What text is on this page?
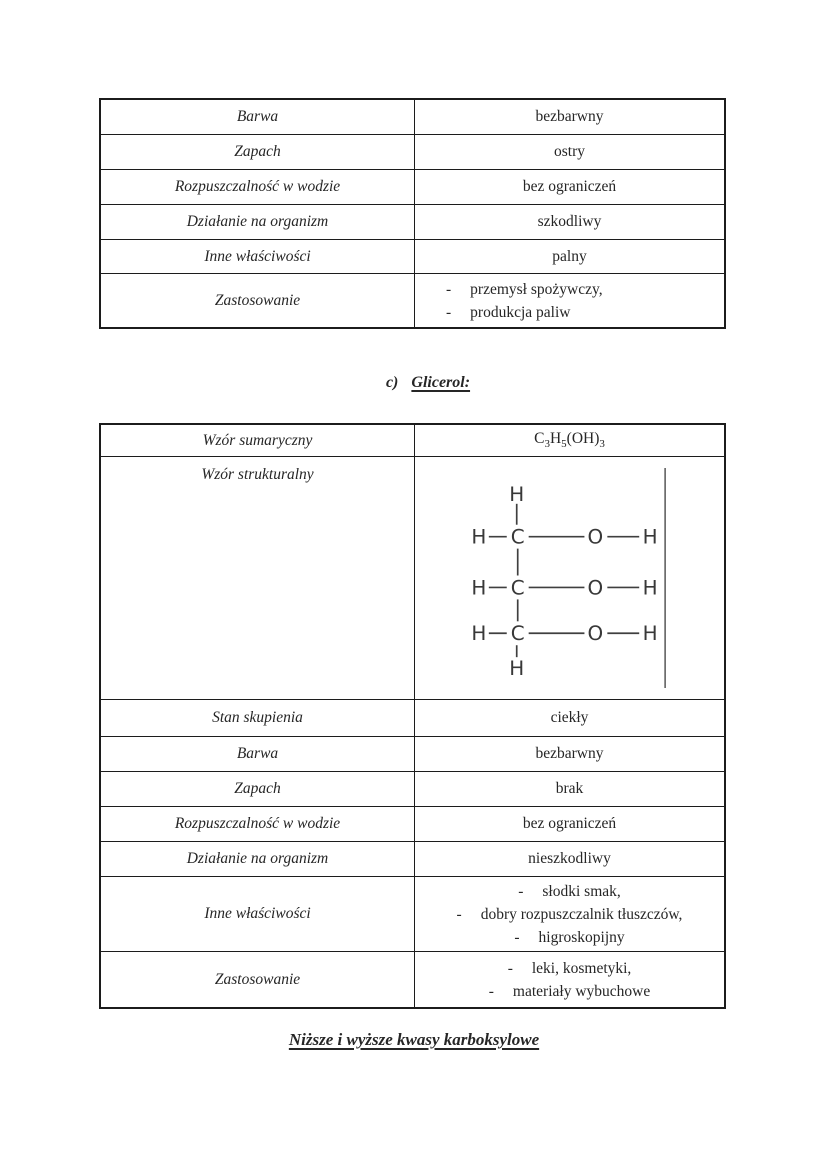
Barwa	bezbarwny
Zapach	ostry
Rozpuszczalność w wodzie	bez ograniczeń
Działanie na organizm	szkodliwy
Inne właściwości	palny
Zastosowanie
- przemysł spożywczy,
- produkcja paliw
c) Glicerol:
Wzór sumaryczny	$C_3H_5(OH)_3$
Wzór strukturalny
H
H C	O H
H C	O H
H C	O H
H
Stan skupienia	ciekły
Barwa	bezbarwny
Zapach	brak
Rozpuszczalność w wodzie	bez ograniczeń
Działanie na organizm	nieszkodliwy
Inne właściwości
- słodki smak,
- dobry rozpuszczalnik tłuszczów,
- higroskopijny
Zastosowanie
- leki, kosmetyki,
- materiały wybuchowe
Niższe i wyższe kwasy karboksylowe
